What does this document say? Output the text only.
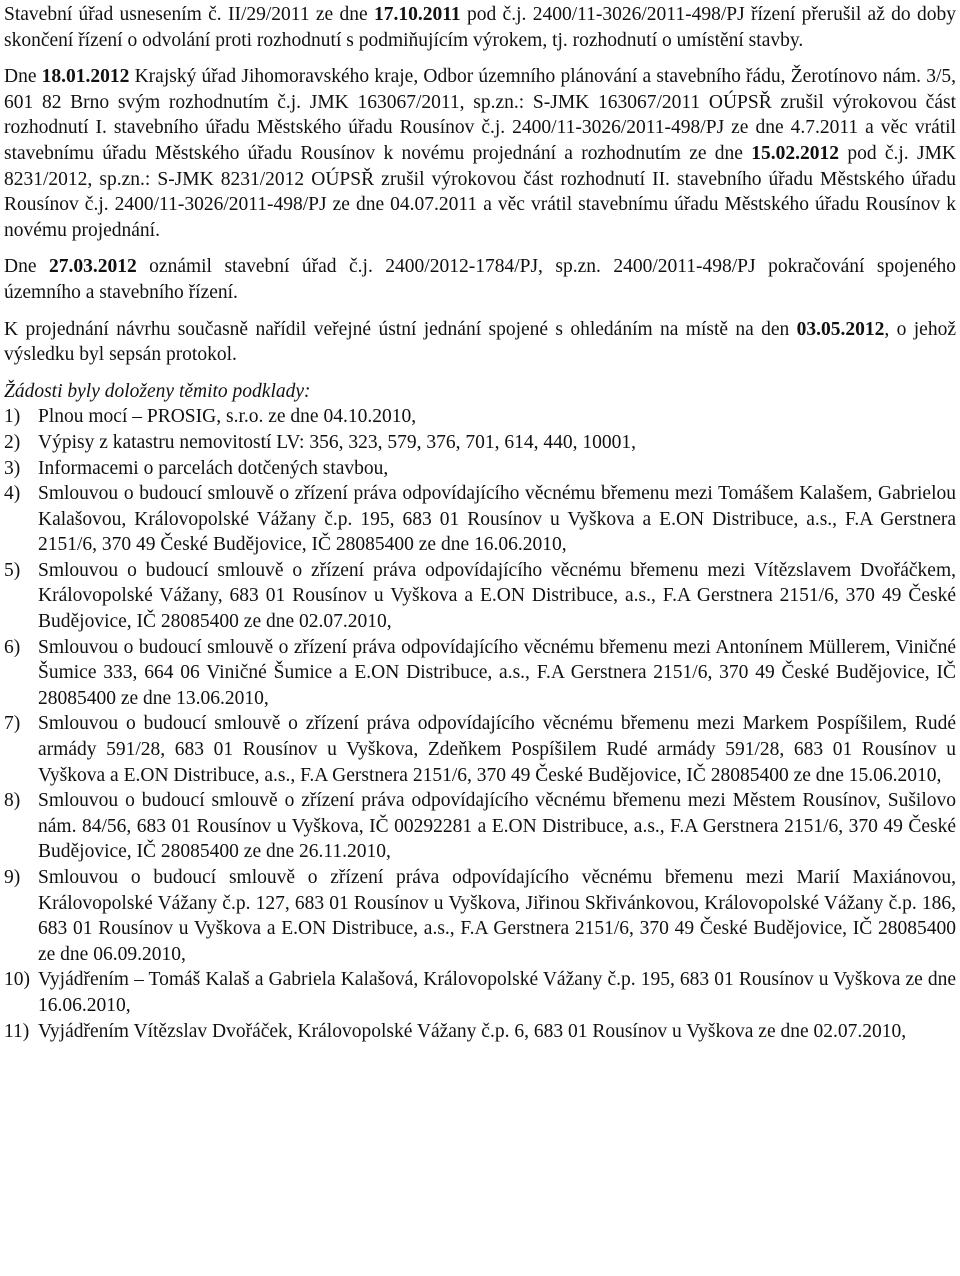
Stavební úřad usnesením č. II/29/2011 ze dne 17.10.2011 pod č.j. 2400/11-3026/2011-498/PJ řízení přerušil až do doby skončení řízení o odvolání proti rozhodnutí s podmiňujícím výrokem, tj. rozhodnutí o umístění stavby.

Dne 18.01.2012 Krajský úřad Jihomoravského kraje, Odbor územního plánování a stavebního řádu, Žerotínovo nám. 3/5, 601 82 Brno svým rozhodnutím č.j. JMK 163067/2011, sp.zn.: S-JMK 163067/2011 OÚPSŘ zrušil výrokovou část rozhodnutí I. stavebního úřadu Městského úřadu Rousínov č.j. 2400/11-3026/2011-498/PJ ze dne 4.7.2011 a věc vrátil stavebnímu úřadu Městského úřadu Rousínov k novému projednání a rozhodnutím ze dne 15.02.2012 pod č.j. JMK 8231/2012, sp.zn.: S-JMK 8231/2012 OÚPSŘ zrušil výrokovou část rozhodnutí II. stavebního úřadu Městského úřadu Rousínov č.j. 2400/11-3026/2011-498/PJ ze dne 04.07.2011 a věc vrátil stavebnímu úřadu Městského úřadu Rousínov k novému projednání.

Dne 27.03.2012 oznámil stavební úřad č.j. 2400/2012-1784/PJ, sp.zn. 2400/2011-498/PJ pokračování spojeného územního a stavebního řízení.

K projednání návrhu současně nařídil veřejné ústní jednání spojené s ohledáním na místě na den 03.05.2012, o jehož výsledku byl sepsán protokol.

Žádosti byly doloženy těmito podklady:

1) Plnou mocí – PROSIG, s.r.o. ze dne 04.10.2010,
2) Výpisy z katastru nemovitostí LV: 356, 323, 579, 376, 701, 614, 440, 10001,
3) Informacemi o parcelách dotčených stavbou,
4) Smlouvou o budoucí smlouvě o zřízení práva odpovídajícího věcnému břemenu mezi Tomášem Kalašem, Gabrielou Kalašovou, Královopolské Vážany č.p. 195, 683 01 Rousínov u Vyškova a E.ON Distribuce, a.s., F.A Gerstnera 2151/6, 370 49 České Budějovice, IČ 28085400 ze dne 16.06.2010,
5) Smlouvou o budoucí smlouvě o zřízení práva odpovídajícího věcnému břemenu mezi Vítězslavem Dvořáčkem, Královopolské Vážany, 683 01 Rousínov u Vyškova a E.ON Distribuce, a.s., F.A Gerstnera 2151/6, 370 49 České Budějovice, IČ 28085400 ze dne 02.07.2010,
6) Smlouvou o budoucí smlouvě o zřízení práva odpovídajícího věcnému břemenu mezi Antonínem Müllerem, Viničné Šumice 333, 664 06 Viničné Šumice a E.ON Distribuce, a.s., F.A Gerstnera 2151/6, 370 49 České Budějovice, IČ 28085400 ze dne 13.06.2010,
7) Smlouvou o budoucí smlouvě o zřízení práva odpovídajícího věcnému břemenu mezi Markem Pospíšilem, Rudé armády 591/28, 683 01 Rousínov u Vyškova, Zdeňkem Pospíšilem Rudé armády 591/28, 683 01 Rousínov u Vyškova a E.ON Distribuce, a.s., F.A Gerstnera 2151/6, 370 49 České Budějovice, IČ 28085400 ze dne 15.06.2010,
8) Smlouvou o budoucí smlouvě o zřízení práva odpovídajícího věcnému břemenu mezi Městem Rousínov, Sušilovo nám. 84/56, 683 01 Rousínov u Vyškova, IČ 00292281 a E.ON Distribuce, a.s., F.A Gerstnera 2151/6, 370 49 České Budějovice, IČ 28085400 ze dne 26.11.2010,
9) Smlouvou o budoucí smlouvě o zřízení práva odpovídajícího věcnému břemenu mezi Marií Maxiánovou, Královopolské Vážany č.p. 127, 683 01 Rousínov u Vyškova, Jiřinou Skřivánkovou, Královopolské Vážany č.p. 186, 683 01 Rousínov u Vyškova a E.ON Distribuce, a.s., F.A Gerstnera 2151/6, 370 49 České Budějovice, IČ 28085400 ze dne 06.09.2010,
10) Vyjádřením – Tomáš Kalaš a Gabriela Kalašová, Královopolské Vážany č.p. 195, 683 01 Rousínov u Vyškova ze dne 16.06.2010,
11) Vyjádřením Vítězslav Dvořáček, Královopolské Vážany č.p. 6, 683 01 Rousínov u Vyškova ze dne 02.07.2010,
